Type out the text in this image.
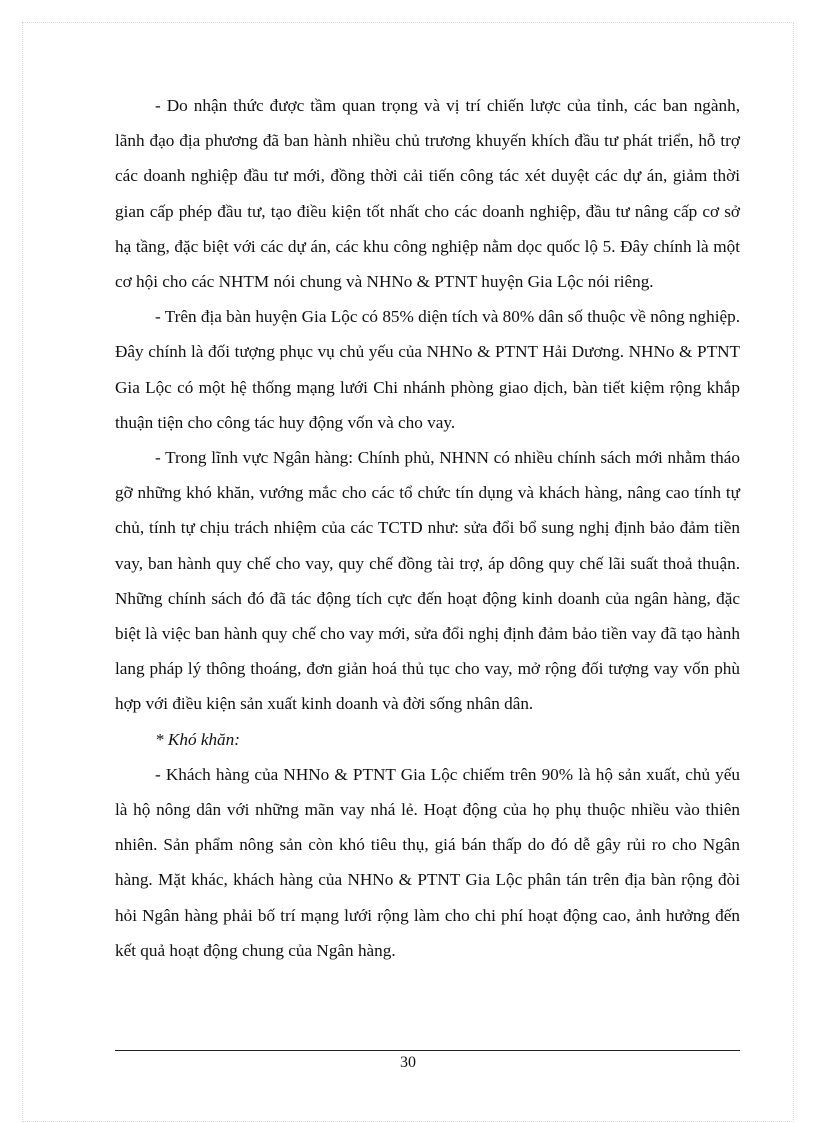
- Do nhận thức được tầm quan trọng và vị trí chiến lược của tỉnh, các ban ngành, lãnh đạo địa phương đã ban hành nhiều chủ trương khuyến khích đầu tư phát triển, hỗ trợ các doanh nghiệp đầu tư mới, đồng thời cải tiến công tác xét duyệt các dự án, giảm thời gian cấp phép đầu tư, tạo điều kiện tốt nhất cho các doanh nghiệp, đầu tư nâng cấp cơ sở hạ tầng, đặc biệt với các dự án, các khu công nghiệp nằm dọc quốc lộ 5. Đây chính là một cơ hội cho các NHTM nói chung và NHNo & PTNT huyện Gia Lộc nói riêng.

- Trên địa bàn huyện Gia Lộc có 85% diện tích và 80% dân số thuộc về nông nghiệp. Đây chính là đối tượng phục vụ chủ yếu của NHNo & PTNT Hải Dương. NHNo & PTNT Gia Lộc có một hệ thống mạng lưới Chi nhánh phòng giao dịch, bàn tiết kiệm rộng khắp thuận tiện cho công tác huy động vốn và cho vay.

- Trong lĩnh vực Ngân hàng: Chính phủ, NHNN có nhiều chính sách mới nhằm tháo gỡ những khó khăn, vướng mắc cho các tổ chức tín dụng và khách hàng, nâng cao tính tự chủ, tính tự chịu trách nhiệm của các TCTD như: sửa đổi bổ sung nghị định bảo đảm tiền vay, ban hành quy chế cho vay, quy chế đồng tài trợ, áp dông quy chế lãi suất thoả thuận. Những chính sách đó đã tác động tích cực đến hoạt động kinh doanh của ngân hàng, đặc biệt là việc ban hành quy chế cho vay mới, sửa đổi nghị định đảm bảo tiền vay đã tạo hành lang pháp lý thông thoáng, đơn giản hoá thủ tục cho vay, mở rộng đối tượng vay vốn phù hợp với điều kiện sản xuất kinh doanh và đời sống nhân dân.

* Khó khăn:

- Khách hàng của NHNo & PTNT Gia Lộc chiếm trên 90% là hộ sản xuất, chủ yếu là hộ nông dân với những mãn vay nhá lẻ. Hoạt động của họ phụ thuộc nhiều vào thiên nhiên. Sản phẩm nông sản còn khó tiêu thụ, giá bán thấp do đó dễ gây rủi ro cho Ngân hàng. Mặt khác, khách hàng của NHNo & PTNT Gia Lộc phân tán trên địa bàn rộng đòi hỏi Ngân hàng phải bố trí mạng lưới rộng làm cho chi phí hoạt động cao, ảnh hưởng đến kết quả hoạt động chung của Ngân hàng.

30
